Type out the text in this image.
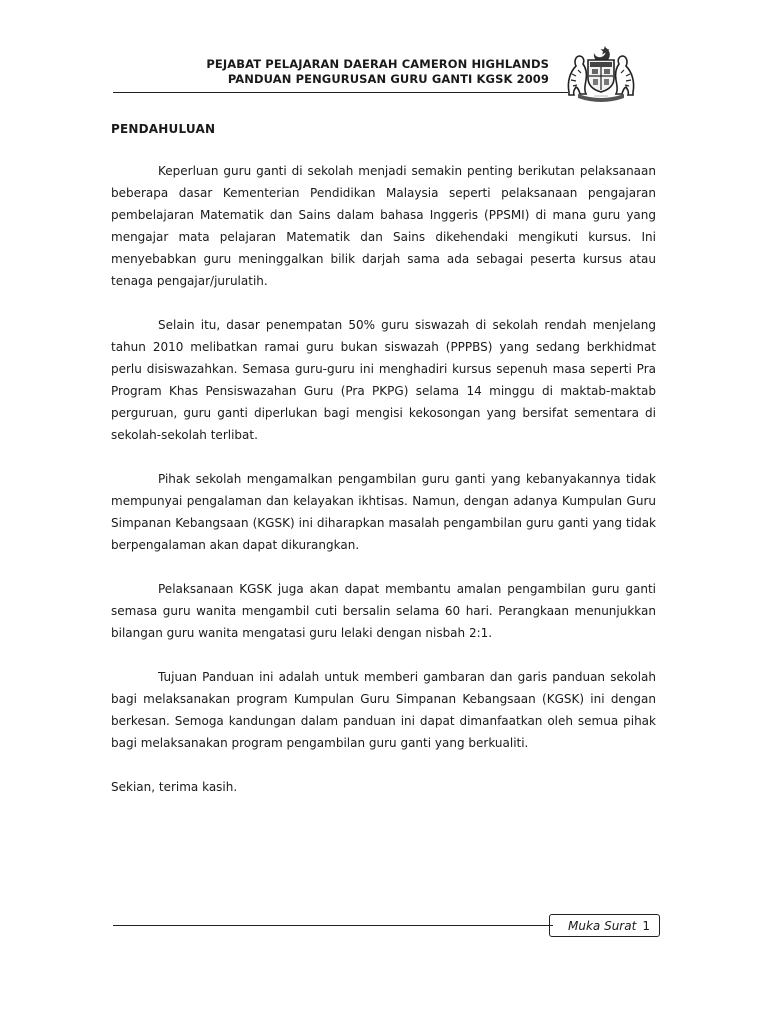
PEJABAT PELAJARAN DAERAH CAMERON HIGHLANDS
PANDUAN PENGURUSAN GURU GANTI KGSK 2009
PENDAHULUAN

Keperluan guru ganti di sekolah menjadi semakin penting berikutan pelaksanaan beberapa dasar Kementerian Pendidikan Malaysia seperti pelaksanaan pengajaran pembelajaran Matematik dan Sains dalam bahasa Inggeris (PPSMI) di mana guru yang mengajar mata pelajaran Matematik dan Sains dikehendaki mengikuti kursus. Ini menyebabkan guru meninggalkan bilik darjah sama ada sebagai peserta kursus atau tenaga pengajar/jurulatih.

Selain itu, dasar penempatan 50% guru siswazah di sekolah rendah menjelang tahun 2010 melibatkan ramai guru bukan siswazah (PPPBS) yang sedang berkhidmat perlu disiswazahkan. Semasa guru-guru ini menghadiri kursus sepenuh masa seperti Pra Program Khas Pensiswazahan Guru (Pra PKPG) selama 14 minggu di maktab-maktab perguruan, guru ganti diperlukan bagi mengisi kekosongan yang bersifat sementara di sekolah-sekolah terlibat.

Pihak sekolah mengamalkan pengambilan guru ganti yang kebanyakannya tidak mempunyai pengalaman dan kelayakan ikhtisas. Namun, dengan adanya Kumpulan Guru Simpanan Kebangsaan (KGSK) ini diharapkan masalah pengambilan guru ganti yang tidak berpengalaman akan dapat dikurangkan.

Pelaksanaan KGSK juga akan dapat membantu amalan pengambilan guru ganti semasa guru wanita mengambil cuti bersalin selama 60 hari. Perangkaan menunjukkan bilangan guru wanita mengatasi guru lelaki dengan nisbah 2:1.

Tujuan Panduan ini adalah untuk memberi gambaran dan garis panduan sekolah bagi melaksanakan program Kumpulan Guru Simpanan Kebangsaan (KGSK) ini dengan berkesan. Semoga kandungan dalam panduan ini dapat dimanfaatkan oleh semua pihak bagi melaksanakan program pengambilan guru ganti yang berkualiti.

Sekian, terima kasih.

Muka Surat 1
